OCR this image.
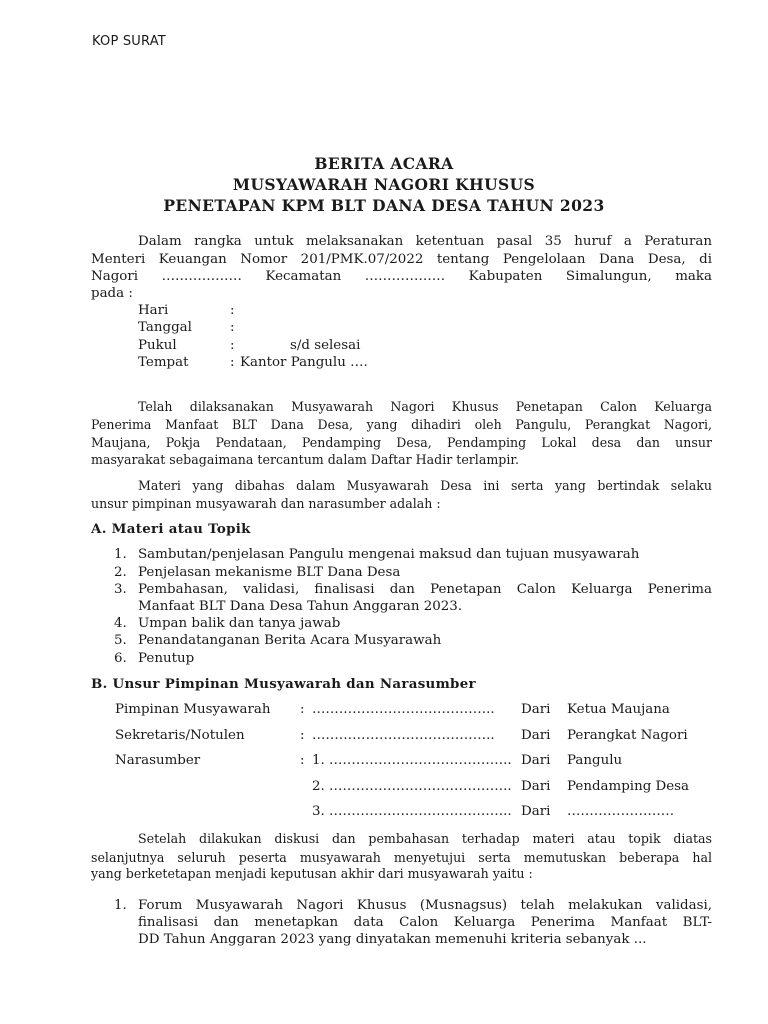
KOP SURAT
BERITA ACARA
MUSYAWARAH NAGORI KHUSUS
PENETAPAN KPM BLT DANA DESA TAHUN 2023
Dalam rangka untuk melaksanakan ketentuan pasal 35 huruf a Peraturan
Menteri Keuangan Nomor 201/PMK.07/2022 tentang Pengelolaan Dana Desa, di
Nagori ……………… Kecamatan ……………… Kabupaten Simalungun, maka
pada :
Hari	:
Tanggal	:
Pukul	:	s/d selesai
Tempat	: Kantor Pangulu ….
Telah dilaksanakan Musyawarah Nagori Khusus Penetapan Calon Keluarga
Penerima Manfaat BLT Dana Desa, yang dihadiri oleh Pangulu, Perangkat Nagori,
Maujana, Pokja Pendataan, Pendamping Desa, Pendamping Lokal desa dan unsur
masyarakat sebagaimana tercantum dalam Daftar Hadir terlampir.
Materi yang dibahas dalam Musyawarah Desa ini serta yang bertindak selaku
unsur pimpinan musyawarah dan narasumber adalah :
A. Materi atau Topik
1. Sambutan/penjelasan Pangulu mengenai maksud dan tujuan musyawarah
2. Penjelasan mekanisme BLT Dana Desa
3. Pembahasan, validasi, finalisasi dan Penetapan Calon Keluarga Penerima
Manfaat BLT Dana Desa Tahun Anggaran 2023.
4. Umpan balik dan tanya jawab
5. Penandatanganan Berita Acara Musyarawah
6. Penutup
B. Unsur Pimpinan Musyawarah dan Narasumber
Pimpinan Musyawarah : ………………………………….. Dari Ketua Maujana
Sekretaris/Notulen	: ………………………………….. Dari Perangkat Nagori
Narasumber	: 1. ………………………………….. Dari Pangulu
2. ………………………………….. Dari Pendamping Desa
3. ………………………………….. Dari ……………………
Setelah dilakukan diskusi dan pembahasan terhadap materi atau topik diatas
selanjutnya seluruh peserta musyawarah menyetujui serta memutuskan beberapa hal
yang berketetapan menjadi keputusan akhir dari musyawarah yaitu :
1. Forum Musyawarah Nagori Khusus (Musnagsus) telah melakukan validasi,
finalisasi dan menetapkan data Calon Keluarga Penerima Manfaat BLT-
DD Tahun Anggaran 2023 yang dinyatakan memenuhi kriteria sebanyak ...
